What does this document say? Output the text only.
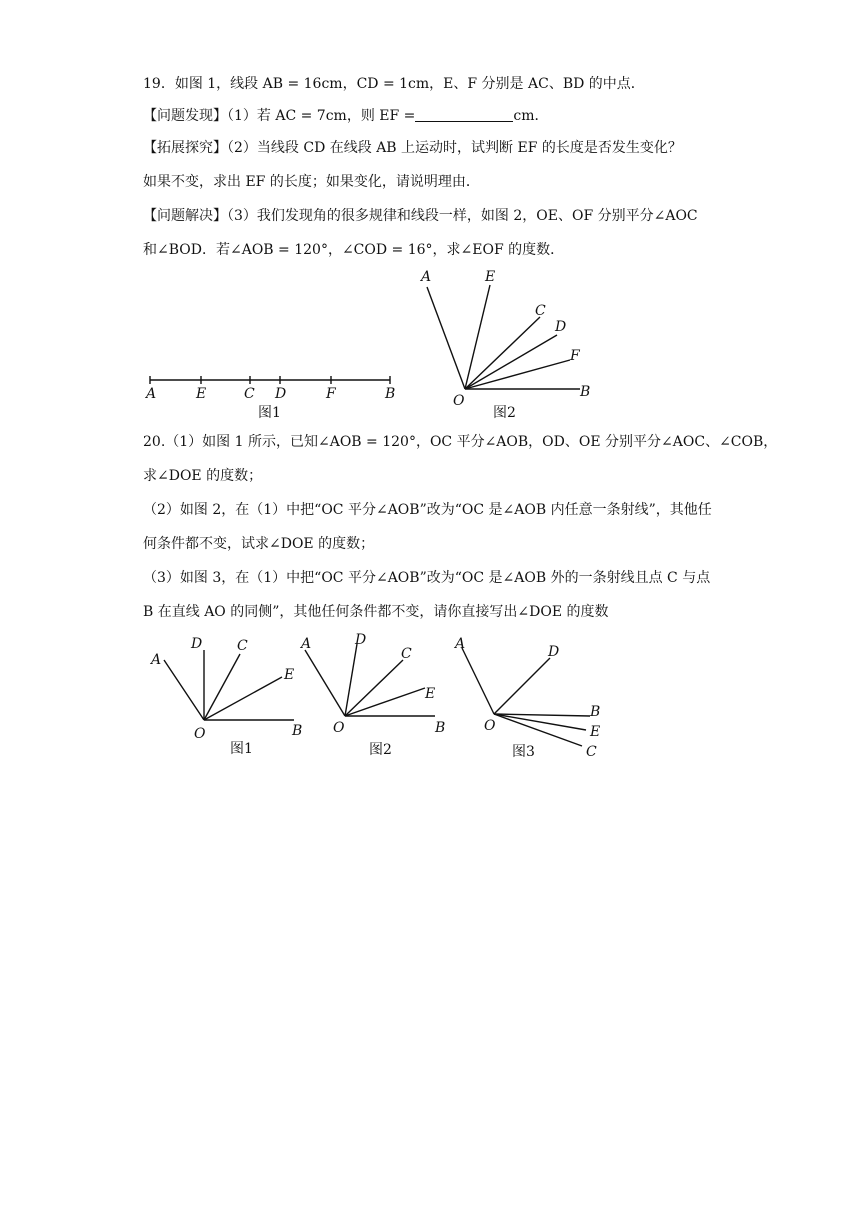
19．如图 1，线段 AB = 16cm，CD = 1cm，E、F 分别是 AC、BD 的中点．
【问题发现】（1）若 AC = 7cm，则 EF =	cm．
【拓展探究】（2）当线段 CD 在线段 AB 上运动时，试判断 EF 的长度是否发生变化？
如果不变，求出 EF 的长度；如果变化，请说明理由．
【问题解决】（3）我们发现角的很多规律和线段一样，如图 2，OE、OF 分别平分∠AOC
和∠BOD．若∠AOB = 120°，∠COD = 16°，求∠EOF 的度数．
A	E	C D	F	B
图1
A	E
C
D
F
B
O
图2
20.（1）如图 1 所示，已知∠AOB = 120°，OC 平分∠AOB，OD、OE 分别平分∠AOC、∠COB，
求∠DOE 的度数；
（2）如图 2，在（1）中把“OC 平分∠AOB”改为“OC 是∠AOB 内任意一条射线”，其他任
何条件都不变，试求∠DOE 的度数；
（3）如图 3，在（1）中把“OC 平分∠AOB”改为“OC 是∠AOB 外的一条射线且点 C 与点
B 在直线 AO 的同侧”，其他任何条件都不变，请你直接写出∠DOE 的度数
A
D C
E
B
O
图1
A	D
C
E
B
O
图2
A	D
B
E
C
O
图3
